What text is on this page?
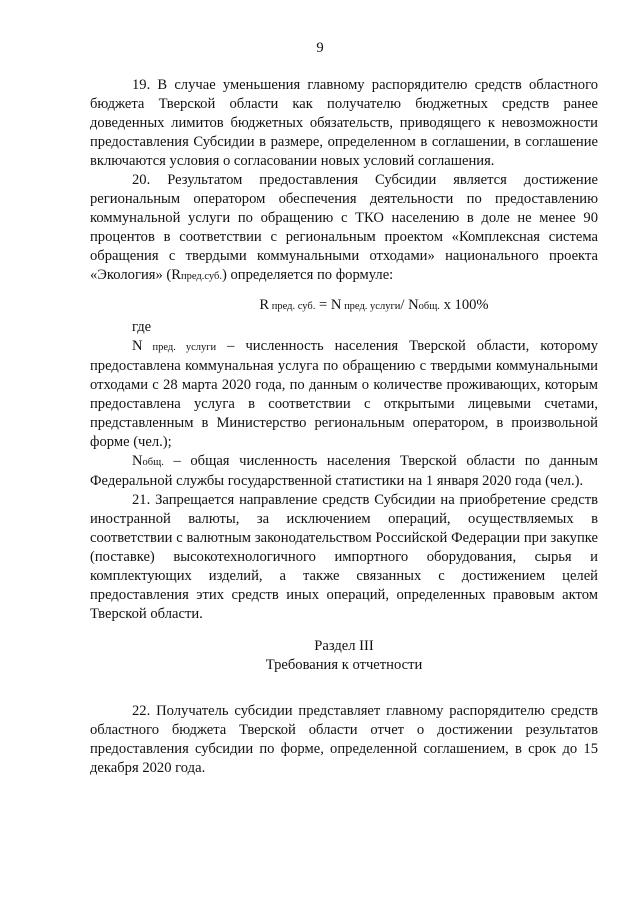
9

19. В случае уменьшения главному распорядителю средств областного бюджета Тверской области как получателю бюджетных средств ранее доведенных лимитов бюджетных обязательств, приводящего к невозможности предоставления Субсидии в размере, определенном в соглашении, в соглашение включаются условия о согласовании новых условий соглашения.

20. Результатом предоставления Субсидии является достижение региональным оператором обеспечения деятельности по предоставлению коммунальной услуги по обращению с ТКО населению в доле не менее 90 процентов в соответствии с региональным проектом «Комплексная система обращения с твердыми коммунальными отходами» национального проекта «Экология» (Rпред.суб.) определяется по формуле:

R пред. суб. = N пред. услуги/ Nобщ. х 100%

где

N пред. услуги – численность населения Тверской области, которому предоставлена коммунальная услуга по обращению с твердыми коммунальными отходами с 28 марта 2020 года, по данным о количестве проживающих, которым предоставлена услуга в соответствии с открытыми лицевыми счетами, представленным в Министерство региональным оператором, в произвольной форме (чел.);

Nобщ. – общая численность населения Тверской области по данным Федеральной службы государственной статистики на 1 января 2020 года (чел.).

21. Запрещается направление средств Субсидии на приобретение средств иностранной валюты, за исключением операций, осуществляемых в соответствии с валютным законодательством Российской Федерации при закупке (поставке) высокотехнологичного импортного оборудования, сырья и комплектующих изделий, а также связанных с достижением целей предоставления этих средств иных операций, определенных правовым актом Тверской области.

Раздел III

Требования к отчетности

22. Получатель субсидии представляет главному распорядителю средств областного бюджета Тверской области отчет о достижении результатов предоставления субсидии по форме, определенной соглашением, в срок до 15 декабря 2020 года.
